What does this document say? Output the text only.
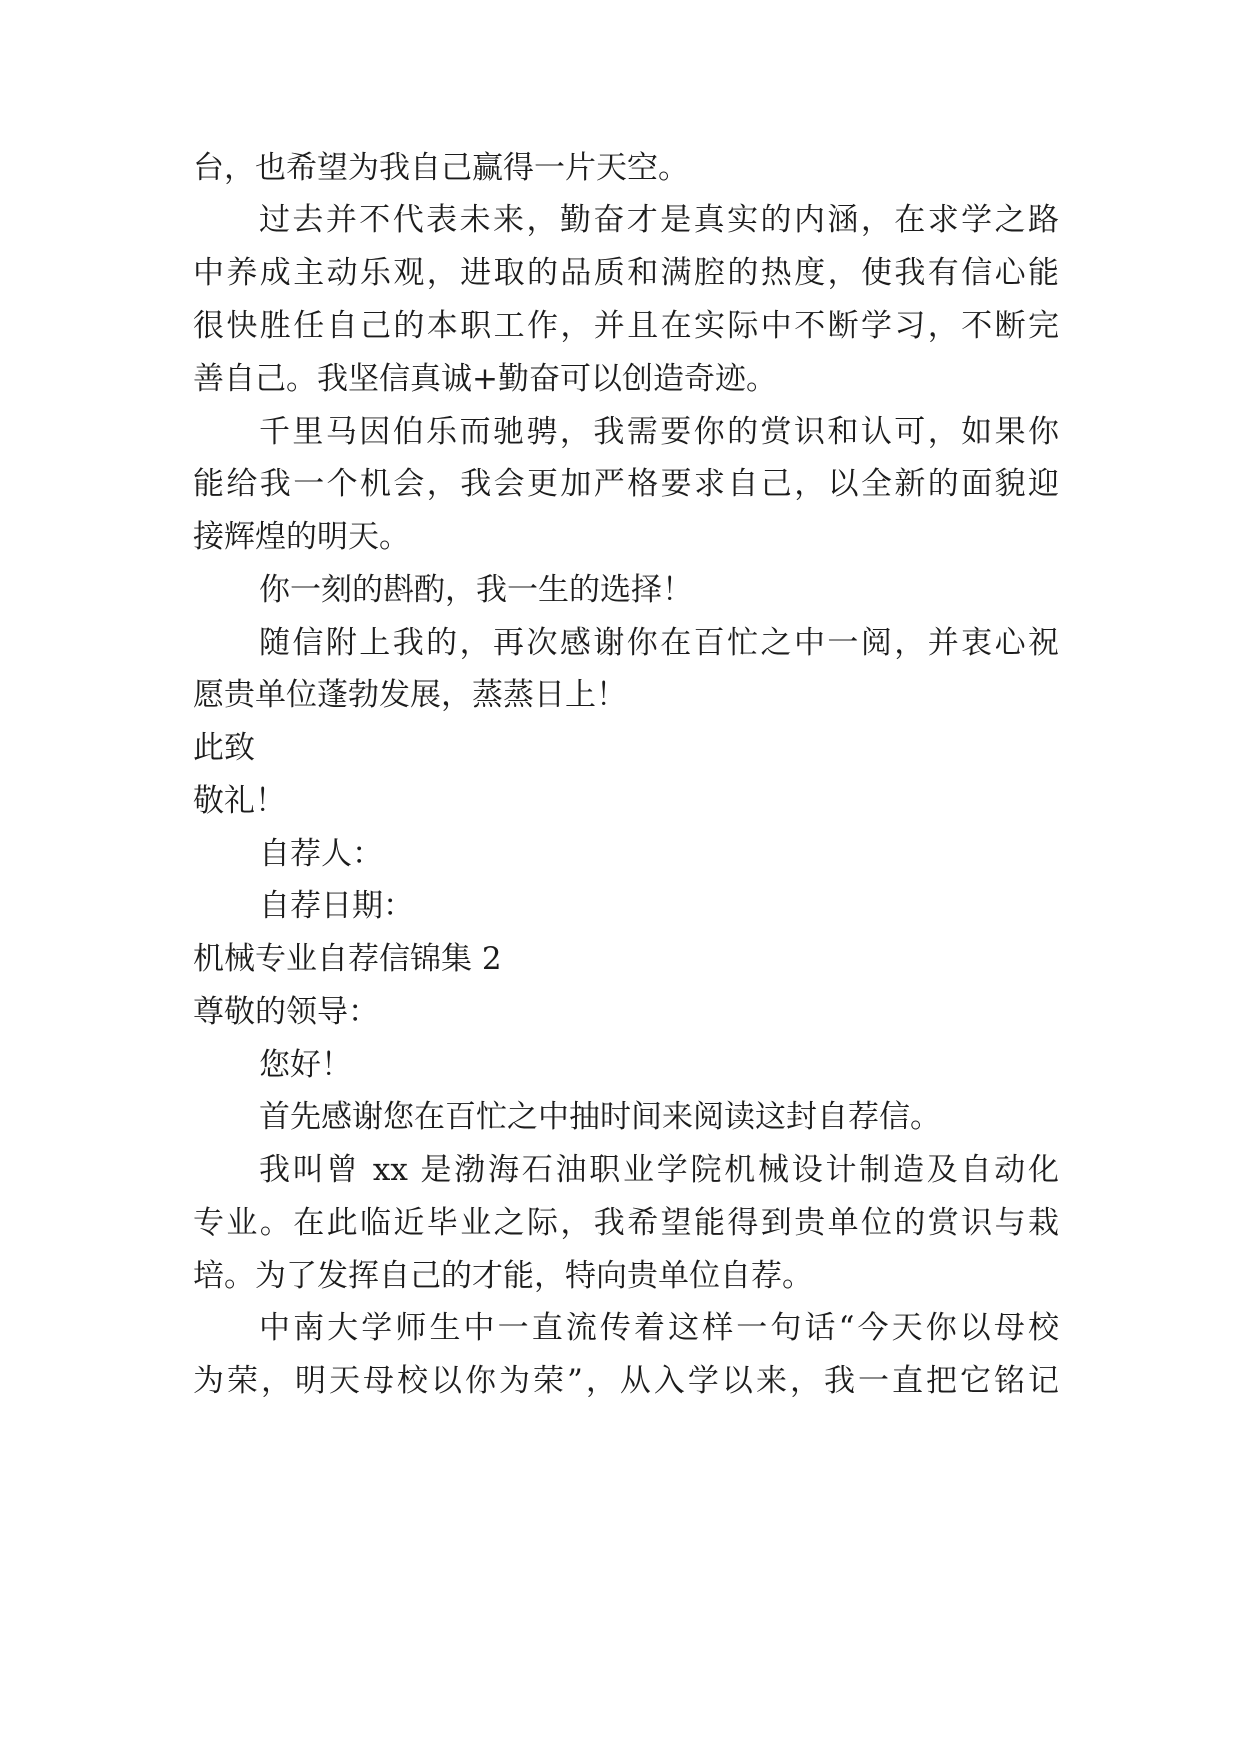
台，也希望为我自己赢得一片天空。
过去并不代表未来，勤奋才是真实的内涵，在求学之路
中养成主动乐观，进取的品质和满腔的热度，使我有信心能
很快胜任自己的本职工作，并且在实际中不断学习，不断完
善自己。我坚信真诚+勤奋可以创造奇迹。
千里马因伯乐而驰骋，我需要你的赏识和认可，如果你
能给我一个机会，我会更加严格要求自己，以全新的面貌迎
接辉煌的明天。
你一刻的斟酌，我一生的选择！
随信附上我的，再次感谢你在百忙之中一阅，并衷心祝
愿贵单位蓬勃发展，蒸蒸日上！
此致
敬礼！
自荐人：
自荐日期：
机械专业自荐信锦集 2
尊敬的领导：
您好！
首先感谢您在百忙之中抽时间来阅读这封自荐信。
我叫曾 xx 是渤海石油职业学院机械设计制造及自动化
专业。在此临近毕业之际，我希望能得到贵单位的赏识与栽
培。为了发挥自己的才能，特向贵单位自荐。
中南大学师生中一直流传着这样一句话“今天你以母校
为荣，明天母校以你为荣”，从入学以来，我一直把它铭记
